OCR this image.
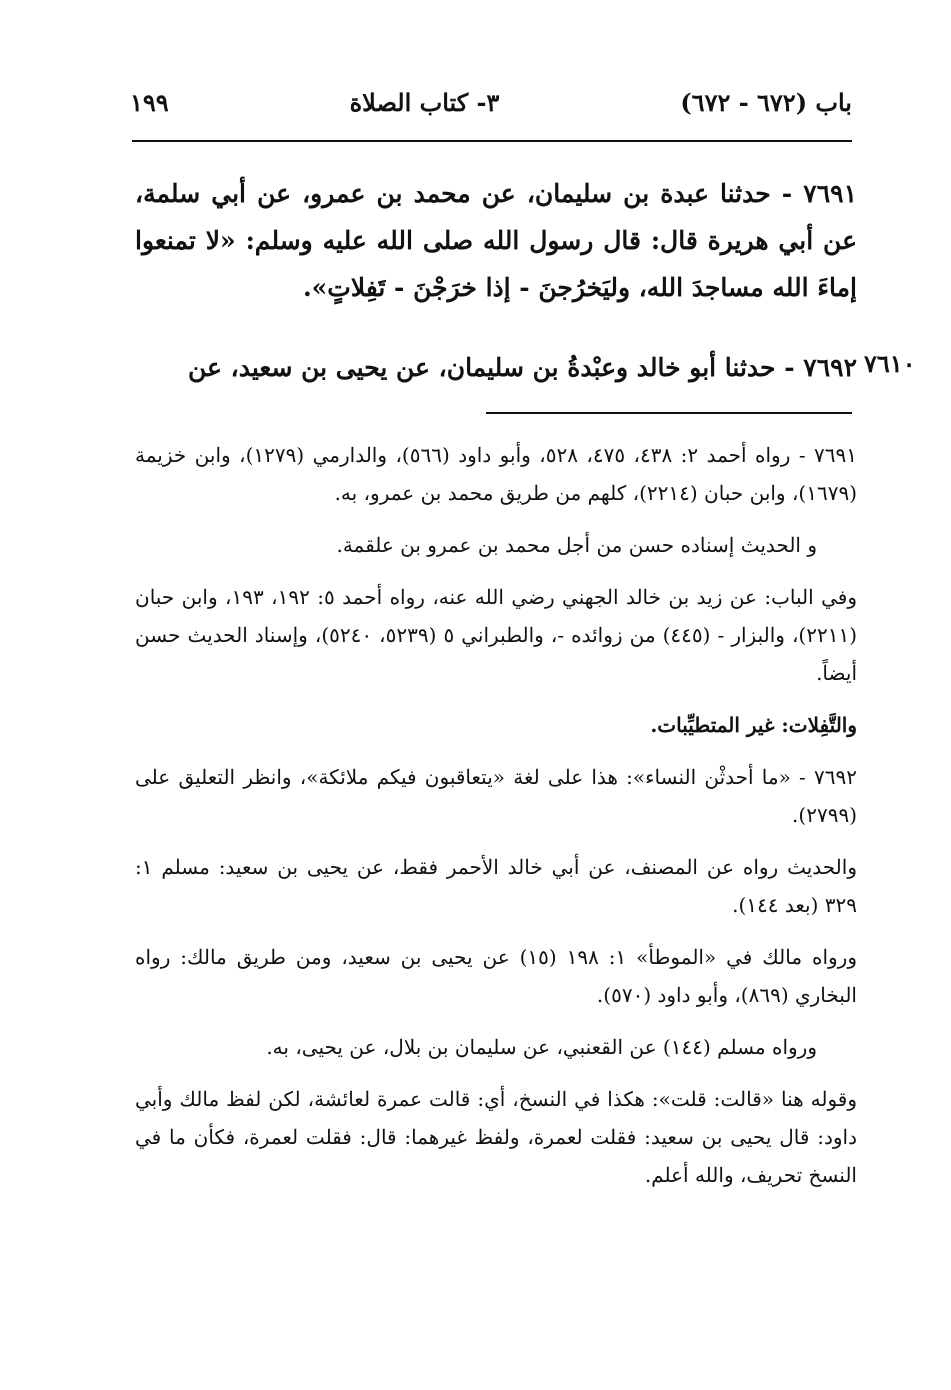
١٩٩	٣- كتاب الصلاة	باب (٦٧٢ - ٦٧٢)

٧٦٩١ - حدثنا عبدة بن سليمان، عن محمد بن عمرو، عن أبي سلمة، عن أبي هريرة قال: قال رسول الله صلى الله عليه وسلم: «لا تمنعوا إماءَ الله مساجدَ الله، وليَخرُجنَ - إذا خرَجْنَ - تَفِلاتٍ».

٧٦٩٢ - حدثنا أبو خالد وعبْدةُ بن سليمان، عن يحيى بن سعيد، عن ٧٦١٠

٧٦٩١ - رواه أحمد ٢: ٤٣٨، ٤٧٥، ٥٢٨، وأبو داود (٥٦٦)، والدارمي (١٢٧٩)، وابن خزيمة (١٦٧٩)، وابن حبان (٢٢١٤)، كلهم من طريق محمد بن عمرو، به.

و الحديث إسناده حسن من أجل محمد بن عمرو بن علقمة.

وفي الباب: عن زيد بن خالد الجهني رضي الله عنه، رواه أحمد ٥: ١٩٢، ١٩٣، وابن حبان (٢٢١١)، والبزار - (٤٤٥) من زوائده -، والطبراني ٥ (٥٢٣٩، ٥٢٤٠)، وإسناد الحديث حسن أيضاً.

والتَّفِلات: غير المتطيِّبات.

٧٦٩٢ - «ما أحدثْن النساء»: هذا على لغة «يتعاقبون فيكم ملائكة»، وانظر التعليق على (٢٧٩٩).

والحديث رواه عن المصنف، عن أبي خالد الأحمر فقط، عن يحيى بن سعيد: مسلم ١: ٣٢٩ (بعد ١٤٤).

ورواه مالك في «الموطأ» ١: ١٩٨ (١٥) عن يحيى بن سعيد، ومن طريق مالك: رواه البخاري (٨٦٩)، وأبو داود (٥٧٠).

ورواه مسلم (١٤٤) عن القعنبي، عن سليمان بن بلال، عن يحيى، به.

وقوله هنا «قالت: قلت»: هكذا في النسخ، أي: قالت عمرة لعائشة، لكن لفظ مالك وأبي داود: قال يحيى بن سعيد: فقلت لعمرة، ولفظ غيرهما: قال: فقلت لعمرة، فكأن ما في النسخ تحريف، والله أعلم.
